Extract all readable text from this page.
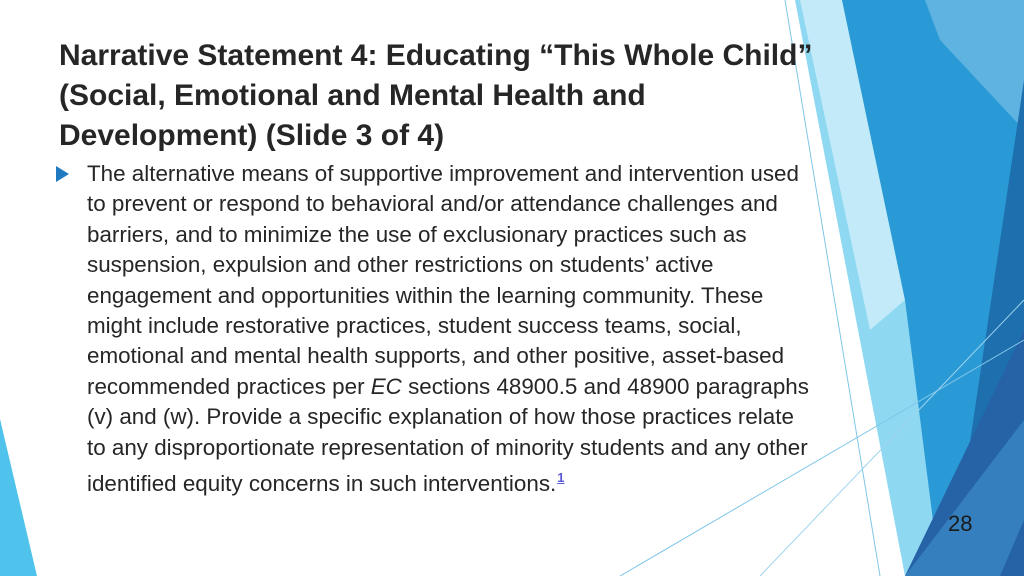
Narrative Statement 4: Educating “This Whole Child” (Social, Emotional and Mental Health and Development) (Slide 3 of 4)
The alternative means of supportive improvement and intervention used to prevent or respond to behavioral and/or attendance challenges and barriers, and to minimize the use of exclusionary practices such as suspension, expulsion and other restrictions on students’ active engagement and opportunities within the learning community. These might include restorative practices, student success teams, social, emotional and mental health supports, and other positive, asset-based recommended practices per EC sections 48900.5 and 48900 paragraphs (v) and (w). Provide a specific explanation of how those practices relate to any disproportionate representation of minority students and any other identified equity concerns in such interventions.$^1$
28
